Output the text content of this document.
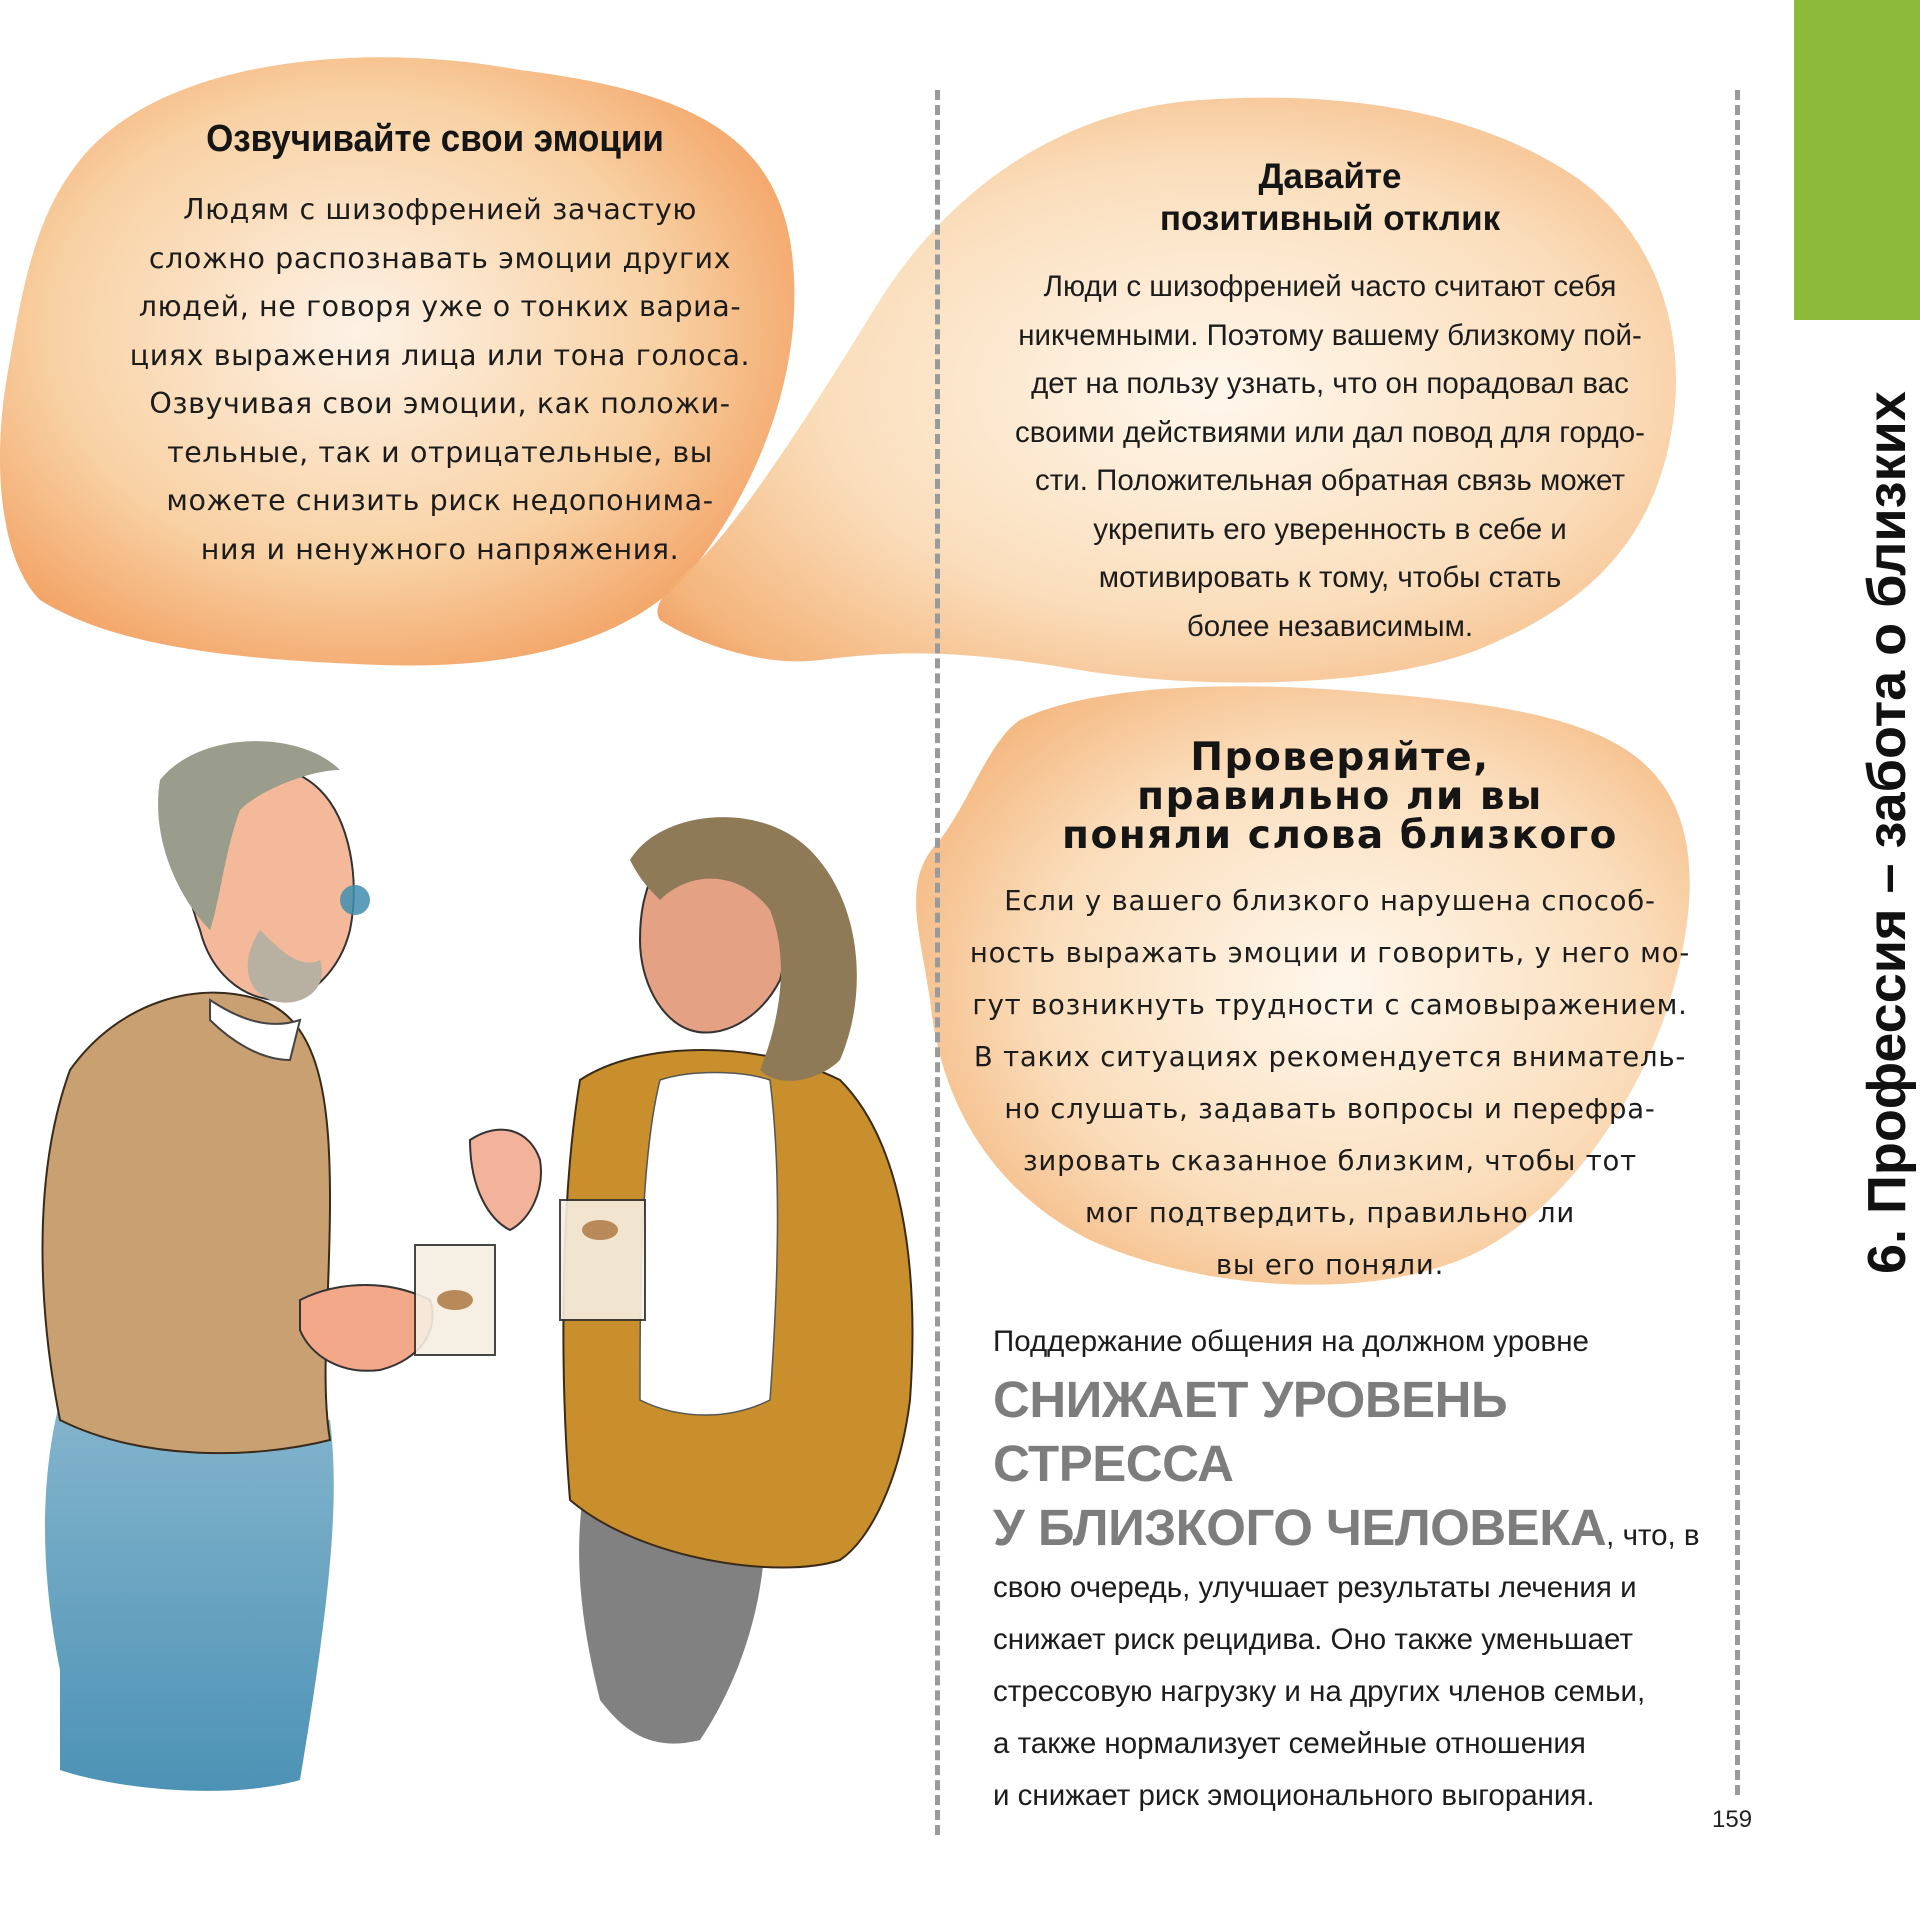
6. Профессия – забота о близких
Озвучивайте свои эмоции
Людям с шизофренией зачастую
сложно распознавать эмоции других
людей, не говоря уже о тонких вариа-
циях выражения лица или тона голоса.
Озвучивая свои эмоции, как положи-
тельные, так и отрицательные, вы
можете снизить риск недопонима-
ния и ненужного напряжения.
Давайте
позитивный отклик
Люди с шизофренией часто считают себя
никчемными. Поэтому вашему близкому пой-
дет на пользу узнать, что он порадовал вас
своими действиями или дал повод для гордо-
сти. Положительная обратная связь может
укрепить его уверенность в себе и
мотивировать к тому, чтобы стать
более независимым.
Проверяйте,
правильно ли вы
поняли слова близкого
Если у вашего близкого нарушена способ-
ность выражать эмоции и говорить, у него мо-
гут возникнуть трудности с самовыражением.
В таких ситуациях рекомендуется вниматель-
но слушать, задавать вопросы и перефра-
зировать сказанное близким, чтобы тот
мог подтвердить, правильно ли
вы его поняли.
Поддержание общения на должном уровне
СНИЖАЕТ УРОВЕНЬ СТРЕССА
У БЛИЗКОГО ЧЕЛОВЕКА, что, в
свою очередь, улучшает результаты лечения и
снижает риск рецидива. Оно также уменьшает
стрессовую нагрузку и на других членов семьи,
а также нормализует семейные отношения
и снижает риск эмоционального выгорания.
159
